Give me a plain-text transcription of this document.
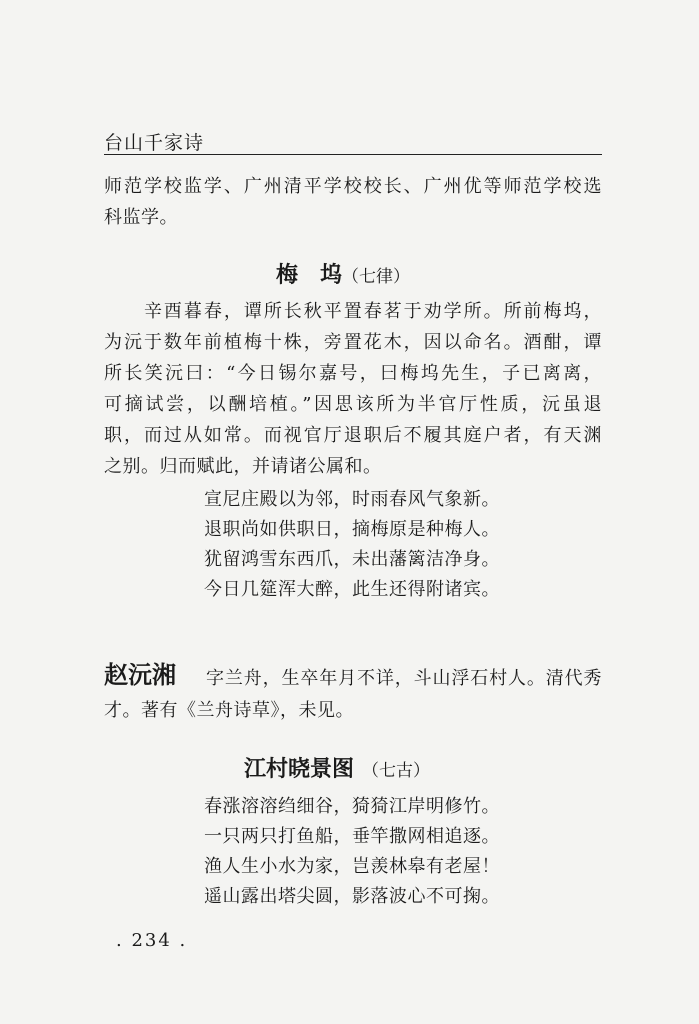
台山千家诗
师范学校监学、广州清平学校校长、广州优等师范学校选
科监学。
梅　坞（七律）
　　辛酉暮春，谭所长秋平置春茗于劝学所。所前梅坞，
为沅于数年前植梅十株，旁置花木，因以命名。酒酣，谭
所长笑沅曰：“今日锡尔嘉号，曰梅坞先生，子已离离，
可摘试尝，以酬培植。”因思该所为半官厅性质，沅虽退
职，而过从如常。而视官厅退职后不履其庭户者，有天渊
之别。归而赋此，并请诸公属和。
宣尼庄殿以为邻，时雨春风气象新。
退职尚如供职日，摘梅原是种梅人。
犹留鸿雪东西爪，未出藩篱洁净身。
今日几筵浑大醉，此生还得附诸宾。
赵沅湘 字兰舟，生卒年月不详，斗山浮石村人。清代秀
才。著有《兰舟诗草》，未见。
江村晓景图 （七古）
春涨溶溶绉细谷，猗猗江岸明修竹。
一只两只打鱼船，垂竿撒网相追逐。
渔人生小水为家，岂羡林皋有老屋！
遥山露出塔尖圆，影落波心不可掬。
. 234 .
